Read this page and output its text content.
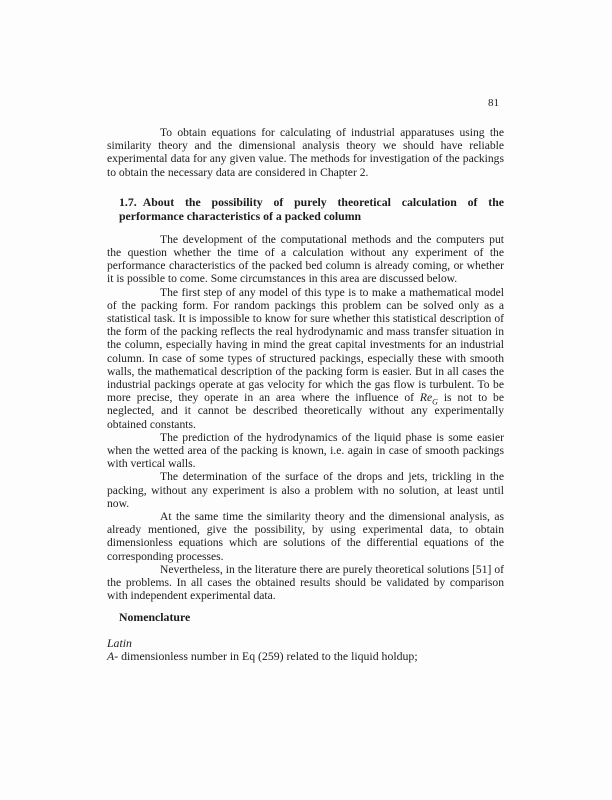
81

To obtain equations for calculating of industrial apparatuses using the similarity theory and the dimensional analysis theory we should have reliable experimental data for any given value. The methods for investigation of the packings to obtain the necessary data are considered in Chapter 2.

1.7. About the possibility of purely theoretical calculation of the performance characteristics of a packed column

The development of the computational methods and the computers put the question whether the time of a calculation without any experiment of the performance characteristics of the packed bed column is already coming, or whether it is possible to come. Some circumstances in this area are discussed below.

The first step of any model of this type is to make a mathematical model of the packing form. For random packings this problem can be solved only as a statistical task. It is impossible to know for sure whether this statistical description of the form of the packing reflects the real hydrodynamic and mass transfer situation in the column, especially having in mind the great capital investments for an industrial column. In case of some types of structured packings, especially these with smooth walls, the mathematical description of the packing form is easier. But in all cases the industrial packings operate at gas velocity for which the gas flow is turbulent. To be more precise, they operate in an area where the influence of $Re_G$ is not to be neglected, and it cannot be described theoretically without any experimentally obtained constants.

The prediction of the hydrodynamics of the liquid phase is some easier when the wetted area of the packing is known, i.e. again in case of smooth packings with vertical walls.

The determination of the surface of the drops and jets, trickling in the packing, without any experiment is also a problem with no solution, at least until now.

At the same time the similarity theory and the dimensional analysis, as already mentioned, give the possibility, by using experimental data, to obtain dimensionless equations which are solutions of the differential equations of the corresponding processes.

Nevertheless, in the literature there are purely theoretical solutions [51] of the problems. In all cases the obtained results should be validated by comparison with independent experimental data.

Nomenclature

Latin

A- dimensionless number in Eq (259) related to the liquid holdup;
